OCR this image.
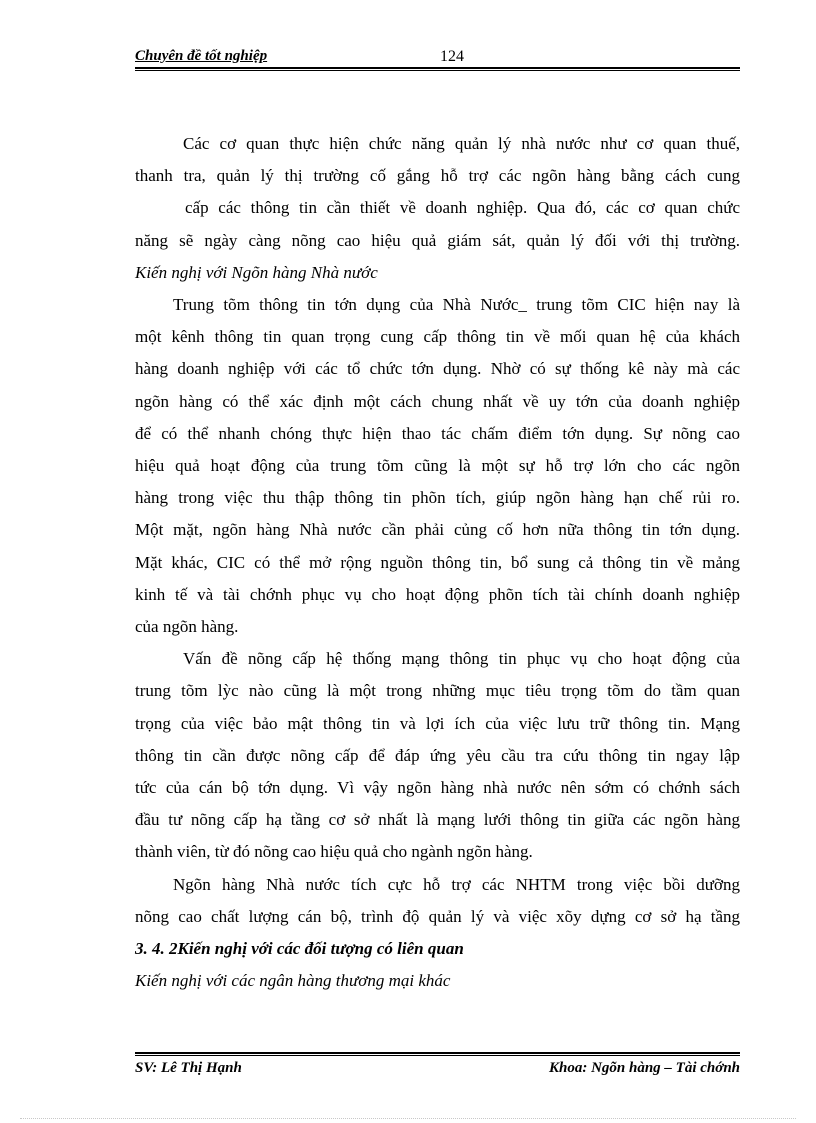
Chuyên đề tốt nghiệp	124

Các cơ quan thực hiện chức năng quản lý nhà nước như cơ quan thuế,

thanh tra, quản lý thị trường cố gắng hỗ trợ các ngõn hàng bằng cách cung

cấp các thông tin cần thiết về doanh nghiệp. Qua đó, các cơ quan chức

năng sẽ ngày càng nõng cao hiệu quả giám sát, quản lý đối với thị trường.

Kiến nghị với Ngõn hàng Nhà nước

Trung tõm thông tin tớn dụng của Nhà Nước_ trung tõm CIC hiện nay là

một kênh thông tin quan trọng cung cấp thông tin về mối quan hệ của khách

hàng doanh nghiệp với các tổ chức tớn dụng. Nhờ có sự thống kê này mà các

ngõn hàng có thể xác định một cách chung nhất về uy tớn của doanh nghiệp

để có thể nhanh chóng thực hiện thao tác chấm điểm tớn dụng. Sự nõng cao

hiệu quả hoạt động của trung tõm cũng là một sự hỗ trợ lớn cho các ngõn

hàng trong việc thu thập thông tin phõn tích, giúp ngõn hàng hạn chế rủi ro.

Một mặt, ngõn hàng Nhà nước cần phải củng cố hơn nữa thông tin tớn dụng.

Mặt khác, CIC có thể mở rộng nguồn thông tin, bổ sung cả thông tin về mảng

kinh tế và tài chớnh phục vụ cho hoạt động phõn tích tài chính doanh nghiệp

của ngõn hàng.

Vấn đề nõng cấp hệ thống mạng thông tin phục vụ cho hoạt động của

trung tõm lỳc nào cũng là một trong những mục tiêu trọng tõm do tầm quan

trọng của việc bảo mật thông tin và lợi ích của việc lưu trữ thông tin. Mạng

thông tin cần được nõng cấp để đáp ứng yêu cầu tra cứu thông tin ngay lập

tức của cán bộ tớn dụng. Vì vậy ngõn hàng nhà nước nên sớm có chớnh sách

đầu tư nõng cấp hạ tầng cơ sở nhất là mạng lưới thông tin giữa các ngõn hàng

thành viên, từ đó nõng cao hiệu quả cho ngành ngõn hàng.

Ngõn hàng Nhà nước tích cực hỗ trợ các NHTM trong việc bồi dưỡng

nõng cao chất lượng cán bộ, trình độ quản lý và việc xõy dựng cơ sở hạ tầng

3. 4. 2Kiến nghị với các đối tượng có liên quan

Kiến nghị với các ngân hàng thương mại khác

SV: Lê Thị Hạnh	Khoa: Ngõn hàng – Tài chớnh
